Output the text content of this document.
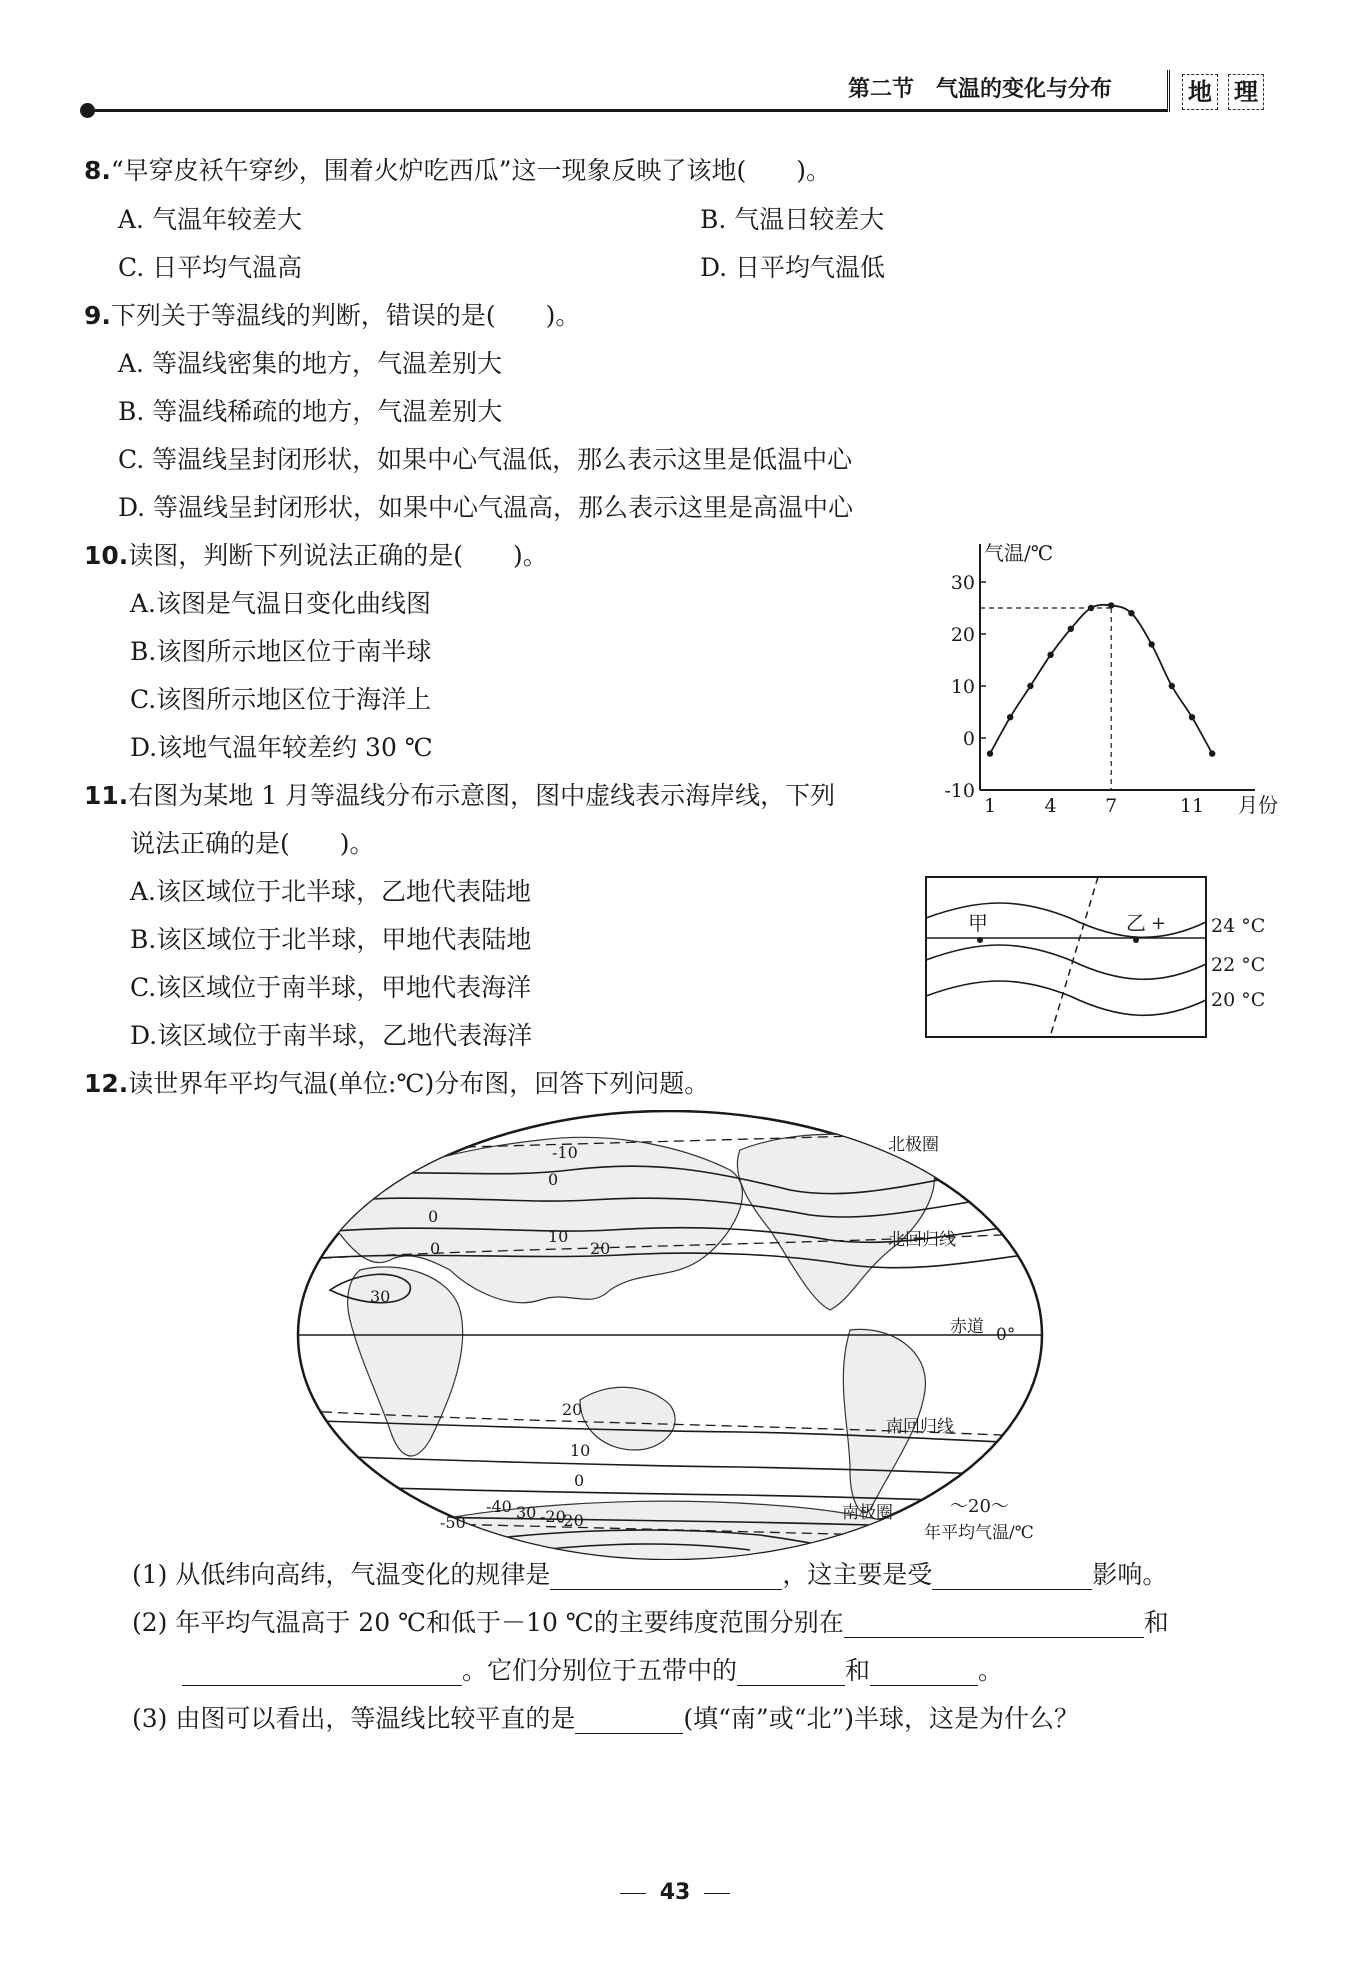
第二节　气温的变化与分布	地 理
8.“早穿皮袄午穿纱，围着火炉吃西瓜”这一现象反映了该地(　　)。
A. 气温年较差大	B. 气温日较差大
C. 日平均气温高	D. 日平均气温低
9.下列关于等温线的判断，错误的是(　　)。
A. 等温线密集的地方，气温差别大
B. 等温线稀疏的地方，气温差别大
C. 等温线呈封闭形状，如果中心气温低，那么表示这里是低温中心
D. 等温线呈封闭形状，如果中心气温高，那么表示这里是高温中心
10.读图，判断下列说法正确的是(　　)。
A.该图是气温日变化曲线图
B.该图所示地区位于南半球
C.该图所示地区位于海洋上
D.该地气温年较差约 30 ℃
气温/℃
月份
30
20
10
0
-10
1	4	7	11
11.右图为某地 1 月等温线分布示意图，图中虚线表示海岸线，下列
说法正确的是(　　)。
A.该区域位于北半球，乙地代表陆地
B.该区域位于北半球，甲地代表陆地
C.该区域位于南半球，甲地代表海洋
D.该区域位于南半球，乙地代表海洋
甲	乙 + 24 °C
22 °C
20 °C
12.读世界年平均气温(单位:℃)分布图，回答下列问题。
-10
0
10
20
0
0
30
20
10
0
-20
-40
-50
30 -20
北极圈
北回归线
赤道 0°
南回归线
南极圈	～20～
年平均气温/℃
(1) 从低纬向高纬，气温变化的规律是	，这主要是受	影响。
(2) 年平均气温高于 20 ℃和低于－10 ℃的主要纬度范围分别在	和
。它们分别位于五带中的	和	。
(3) 由图可以看出，等温线比较平直的是	(填“南”或“北”)半球，这是为什么？
43
